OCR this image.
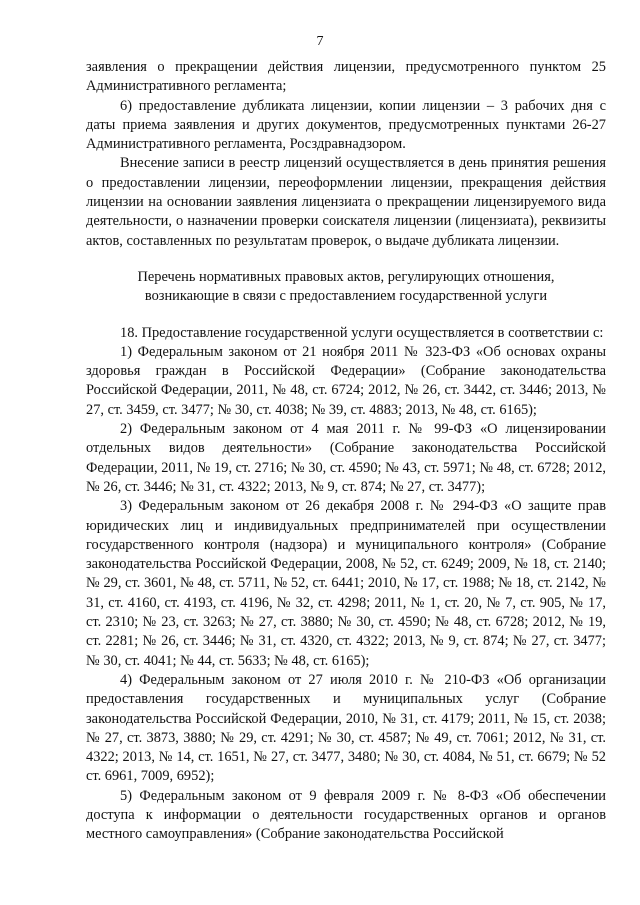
7

заявления о прекращении действия лицензии, предусмотренного пунктом 25 Административного регламента;

6) предоставление дубликата лицензии, копии лицензии – 3 рабочих дня с даты приема заявления и других документов, предусмотренных пунктами 26-27 Административного регламента, Росздравнадзором.

Внесение записи в реестр лицензий осуществляется в день принятия решения о предоставлении лицензии, переоформлении лицензии, прекращения действия лицензии на основании заявления лицензиата о прекращении лицензируемого вида деятельности, о назначении проверки соискателя лицензии (лицензиата), реквизиты актов, составленных по результатам проверок, о выдаче дубликата лицензии.

Перечень нормативных правовых актов, регулирующих отношения,
возникающие в связи с предоставлением государственной услуги

18. Предоставление государственной услуги осуществляется в соответствии с:

1) Федеральным законом от 21 ноября 2011 № 323-ФЗ «Об основах охраны здоровья граждан в Российской Федерации» (Собрание законодательства Российской Федерации, 2011, № 48, ст. 6724; 2012, № 26, ст. 3442, ст. 3446; 2013, № 27, ст. 3459, ст. 3477; № 30, ст. 4038; № 39, ст. 4883; 2013, № 48, ст. 6165);

2) Федеральным законом от 4 мая 2011 г. № 99-ФЗ «О лицензировании отдельных видов деятельности» (Собрание законодательства Российской Федерации, 2011, № 19, ст. 2716; № 30, ст. 4590; № 43, ст. 5971; № 48, ст. 6728; 2012, № 26, ст. 3446; № 31, ст. 4322; 2013, № 9, ст. 874; № 27, ст. 3477);

3) Федеральным законом от 26 декабря 2008 г. № 294-ФЗ «О защите прав юридических лиц и индивидуальных предпринимателей при осуществлении государственного контроля (надзора) и муниципального контроля» (Собрание законодательства Российской Федерации, 2008, № 52, ст. 6249; 2009, № 18, ст. 2140; № 29, ст. 3601, № 48, ст. 5711, № 52, ст. 6441; 2010, № 17, ст. 1988; № 18, ст. 2142, № 31, ст. 4160, ст. 4193, ст. 4196, № 32, ст. 4298; 2011, № 1, ст. 20, № 7, ст. 905, № 17, ст. 2310; № 23, ст. 3263; № 27, ст. 3880; № 30, ст. 4590; № 48, ст. 6728; 2012, № 19, ст. 2281; № 26, ст. 3446; № 31, ст. 4320, ст. 4322; 2013, № 9, ст. 874; № 27, ст. 3477; № 30, ст. 4041; № 44, ст. 5633; № 48, ст. 6165);

4) Федеральным законом от 27 июля 2010 г. № 210-ФЗ «Об организации предоставления государственных и муниципальных услуг (Собрание законодательства Российской Федерации, 2010, № 31, ст. 4179; 2011, № 15, ст. 2038; № 27, ст. 3873, 3880; № 29, ст. 4291; № 30, ст. 4587; № 49, ст. 7061; 2012, № 31, ст. 4322; 2013, № 14, ст. 1651, № 27, ст. 3477, 3480; № 30, ст. 4084, № 51, ст. 6679; № 52 ст. 6961, 7009, 6952);

5) Федеральным законом от 9 февраля 2009 г. № 8-ФЗ «Об обеспечении доступа к информации о деятельности государственных органов и органов местного самоуправления» (Собрание законодательства Российской
